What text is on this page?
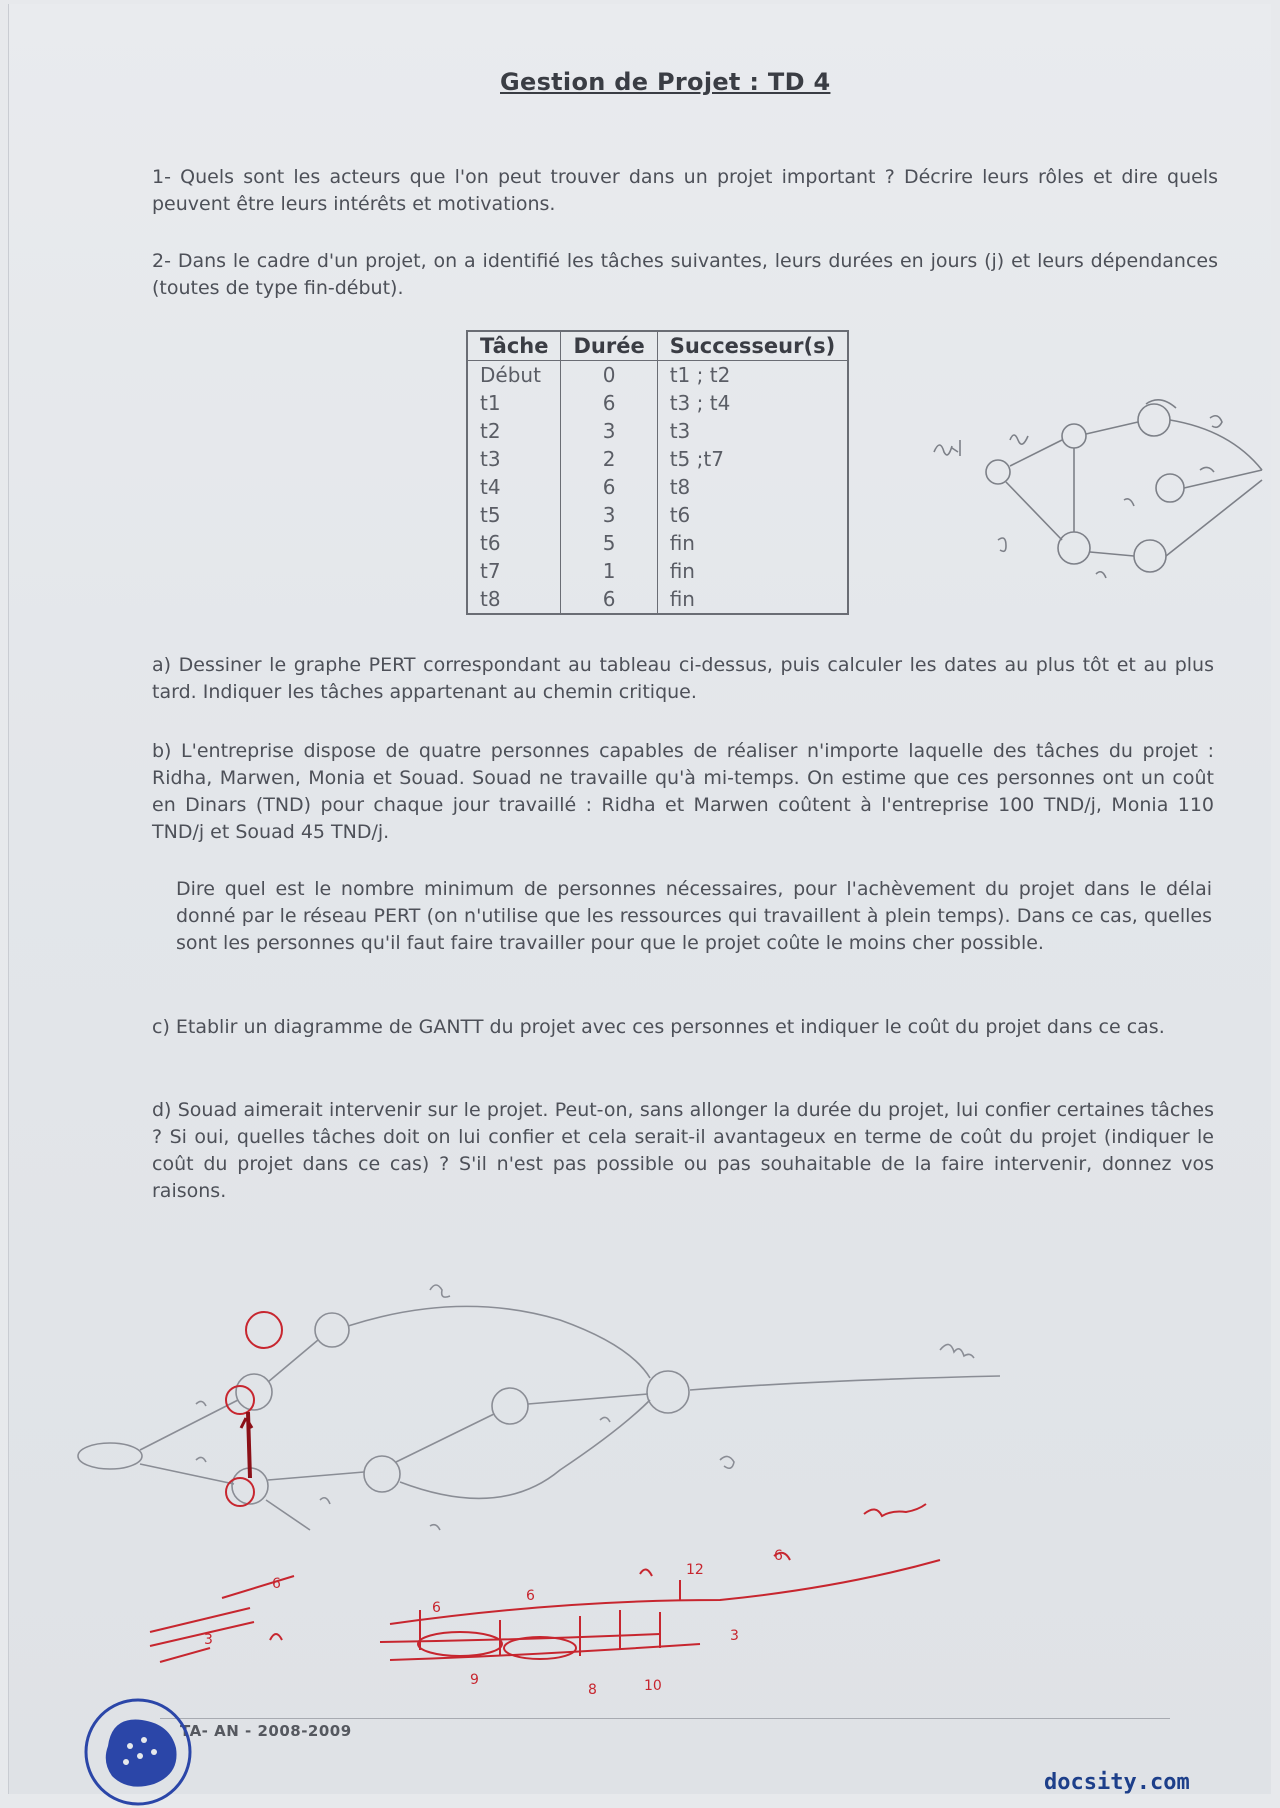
Gestion de Projet : TD 4

1- Quels sont les acteurs que l'on peut trouver dans un projet important ? Décrire leurs rôles et dire quels peuvent être leurs intérêts et motivations.

2- Dans le cadre d'un projet, on a identifié les tâches suivantes, leurs durées en jours (j) et leurs dépendances (toutes de type fin-début).

Tâche	Durée	Successeur(s)
Début	0	t1 ; t2
t1	6	t3 ; t4
t2	3	t3
t3	2	t5 ;t7
t4	6	t8
t5	3	t6
t6	5	fin
t7	1	fin
t8	6	fin

a) Dessiner le graphe PERT correspondant au tableau ci-dessus, puis calculer les dates au plus tôt et au plus tard. Indiquer les tâches appartenant au chemin critique.

b) L'entreprise dispose de quatre personnes capables de réaliser n'importe laquelle des tâches du projet : Ridha, Marwen, Monia et Souad. Souad ne travaille qu'à mi-temps. On estime que ces personnes ont un coût en Dinars (TND) pour chaque jour travaillé : Ridha et Marwen coûtent à l'entreprise 100 TND/j, Monia 110 TND/j et Souad 45 TND/j.

Dire quel est le nombre minimum de personnes nécessaires, pour l'achèvement du projet dans le délai donné par le réseau PERT (on n'utilise que les ressources qui travaillent à plein temps). Dans ce cas, quelles sont les personnes qu'il faut faire travailler pour que le projet coûte le moins cher possible.

c) Etablir un diagramme de GANTT du projet avec ces personnes et indiquer le coût du projet dans ce cas.

d) Souad aimerait intervenir sur le projet. Peut-on, sans allonger la durée du projet, lui confier certaines tâches ? Si oui, quelles tâches doit on lui confier et cela serait-il avantageux en terme de coût du projet (indiquer le coût du projet dans ce cas) ? S'il n'est pas possible ou pas souhaitable de la faire intervenir, donnez vos raisons.

6
6
6
12
6
9
8	10
3
3
TA- AN - 2008-2009
docsity.com
